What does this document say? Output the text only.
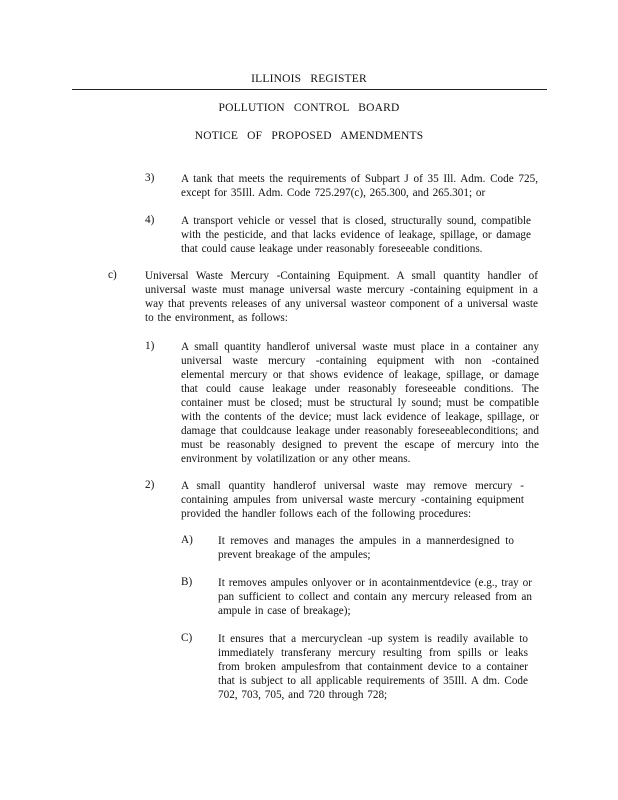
ILLINOIS REGISTER
POLLUTION CONTROL BOARD
NOTICE OF PROPOSED AMENDMENTS
3) A tank that meets the requirements of Subpart J of 35 Ill. Adm. Code 725, except for 35Ill. Adm. Code 725.297(c), 265.300, and 265.301; or
4) A transport vehicle or vessel that is closed, structurally sound, compatible with the pesticide, and that lacks evidence of leakage, spillage, or damage that could cause leakage under reasonably foreseeable conditions.
c)	Universal Waste Mercury -Containing Equipment. A small quantity handler of universal waste must manage universal waste mercury -containing equipment in a way that prevents releases of any universal wasteor component of a universal waste to the environment, as follows:
1) A small quantity handlerof universal waste must place in a container any universal waste mercury -containing equipment with non -contained elemental mercury or that shows evidence of leakage, spillage, or damage that could cause leakage under reasonably foreseeable conditions. The container must be closed; must be structural ly sound; must be compatible with the contents of the device; must lack evidence of leakage, spillage, or damage that couldcause leakage under reasonably foreseeableconditions; and must be reasonably designed to prevent the escape of mercury into the environment by volatilization or any other means.
2) A small quantity handlerof universal waste may remove mercury -containing ampules from universal waste mercury -containing equipment provided the handler follows each of the following procedures:
A) It removes and manages the ampules in a mannerdesigned to prevent breakage of the ampules;
B) It removes ampules onlyover or in acontainmentdevice (e.g., tray or pan sufficient to collect and contain any mercury released from an ampule in case of breakage);
C) It ensures that a mercuryclean -up system is readily available to immediately transferany mercury resulting from spills or leaks from broken ampulesfrom that containment device to a container that is subject to all applicable requirements of 35Ill. A dm. Code 702, 703, 705, and 720 through 728;
